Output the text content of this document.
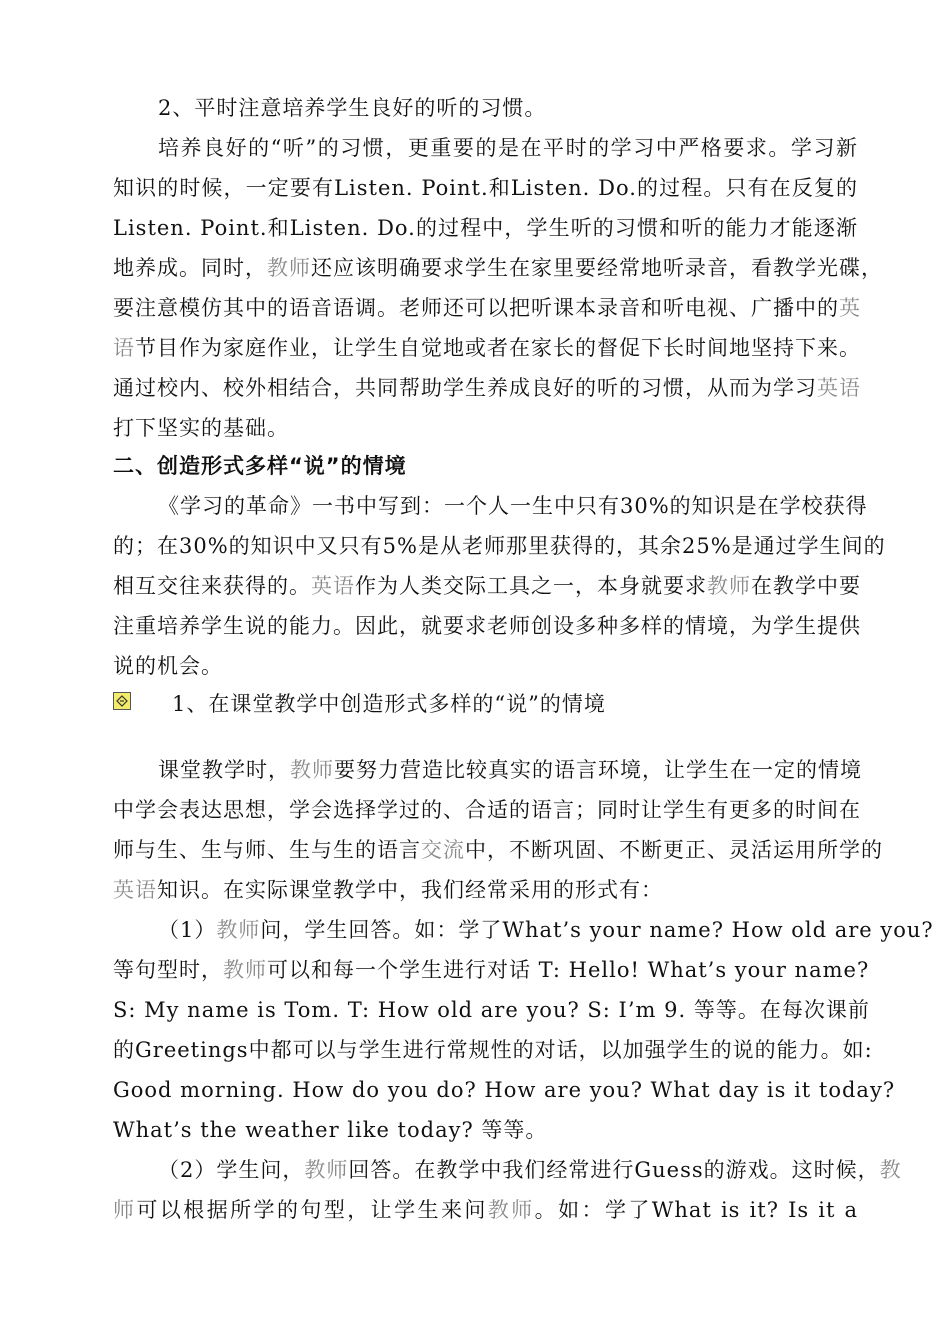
2、平时注意培养学生良好的听的习惯。
培养良好的“听”的习惯，更重要的是在平时的学习中严格要求。学习新
知识的时候，一定要有Listen. Point.和Listen. Do.的过程。只有在反复的
Listen. Point.和Listen. Do.的过程中，学生听的习惯和听的能力才能逐渐
地养成。同时，教师还应该明确要求学生在家里要经常地听录音，看教学光碟，
要注意模仿其中的语音语调。老师还可以把听课本录音和听电视、广播中的英
语节目作为家庭作业，让学生自觉地或者在家长的督促下长时间地坚持下来。
通过校内、校外相结合，共同帮助学生养成良好的听的习惯，从而为学习英语
打下坚实的基础。
二、创造形式多样“说”的情境
《学习的革命》一书中写到：一个人一生中只有30%的知识是在学校获得
的；在30%的知识中又只有5%是从老师那里获得的，其余25%是通过学生间的
相互交往来获得的。英语作为人类交际工具之一，本身就要求教师在教学中要
注重培养学生说的能力。因此，就要求老师创设多种多样的情境，为学生提供
说的机会。
1、在课堂教学中创造形式多样的“说”的情境
课堂教学时，教师要努力营造比较真实的语言环境，让学生在一定的情境
中学会表达思想，学会选择学过的、合适的语言；同时让学生有更多的时间在
师与生、生与师、生与生的语言交流中，不断巩固、不断更正、灵活运用所学的
英语知识。在实际课堂教学中，我们经常采用的形式有：
（1）教师问，学生回答。如：学了What’s your name? How old are you?
等句型时，教师可以和每一个学生进行对话 T: Hello! What’s your name?
S: My name is Tom. T: How old are you? S: I’m 9. 等等。在每次课前
的Greetings中都可以与学生进行常规性的对话，以加强学生的说的能力。如:
Good morning. How do you do? How are you? What day is it today?
What’s the weather like today? 等等。
（2）学生问，教师回答。在教学中我们经常进行Guess的游戏。这时候，教
师可以根据所学的句型，让学生来问教师。如：学了What is it? Is it a
